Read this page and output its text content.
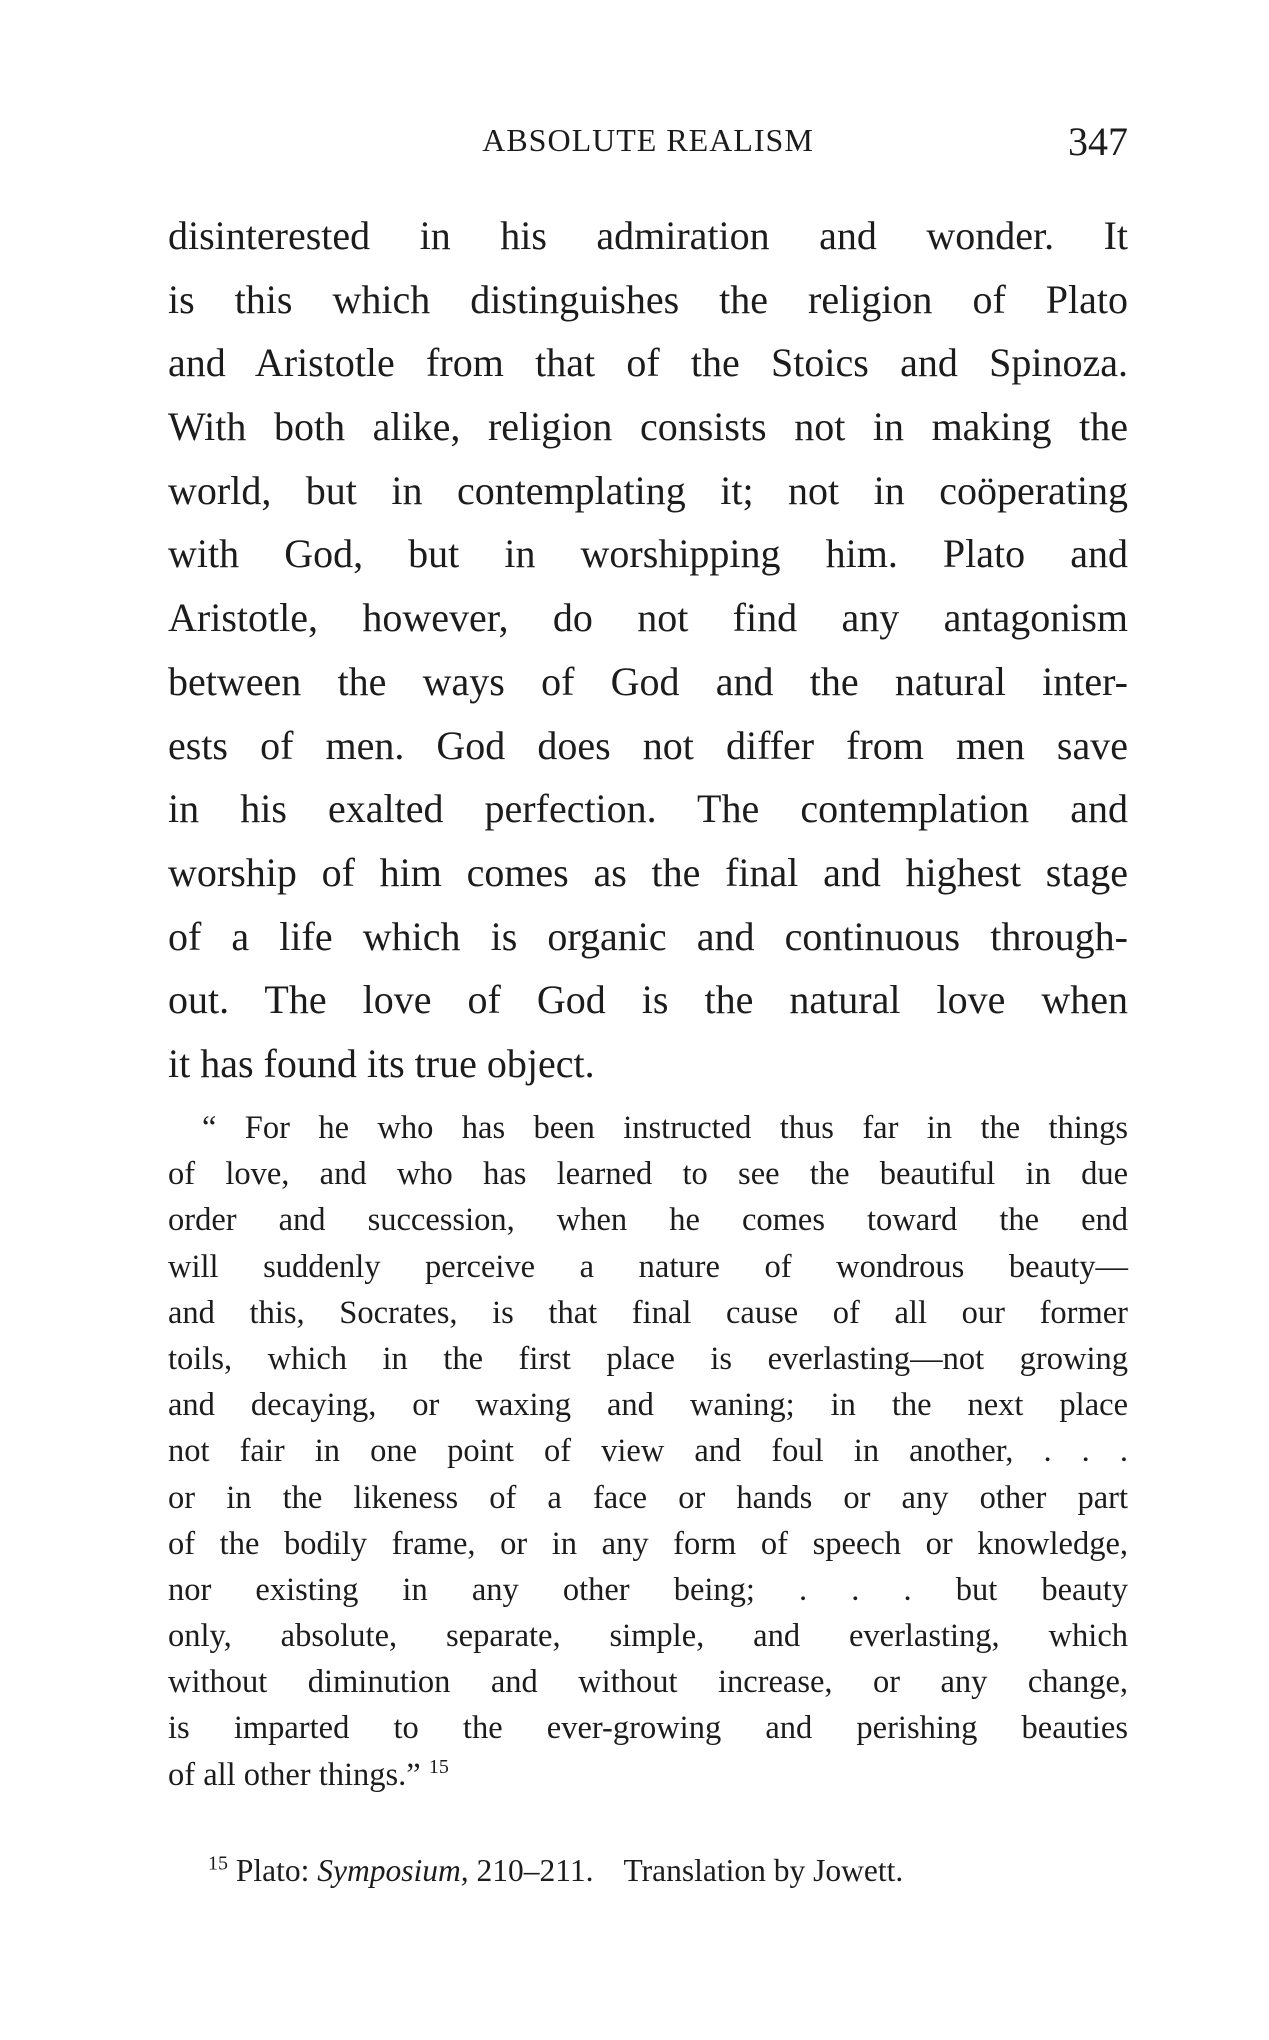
ABSOLUTE REALISM	347
disinterested in his admiration and wonder. It
is this which distinguishes the religion of Plato
and Aristotle from that of the Stoics and Spinoza.
With both alike, religion consists not in making the
world, but in contemplating it; not in coöperating
with God, but in worshipping him. Plato and
Aristotle, however, do not find any antagonism
between the ways of God and the natural inter-
ests of men. God does not differ from men save
in his exalted perfection. The contemplation and
worship of him comes as the final and highest stage
of a life which is organic and continuous through-
out. The love of God is the natural love when
it has found its true object.
“ For he who has been instructed thus far in the things
of love, and who has learned to see the beautiful in due
order and succession, when he comes toward the end
will suddenly perceive a nature of wondrous beauty—
and this, Socrates, is that final cause of all our former
toils, which in the first place is everlasting—not growing
and decaying, or waxing and waning; in the next place
not fair in one point of view and foul in another, . . .
or in the likeness of a face or hands or any other part
of the bodily frame, or in any form of speech or knowledge,
nor existing in any other being; . . . but beauty
only, absolute, separate, simple, and everlasting, which
without diminution and without increase, or any change,
is imparted to the ever-growing and perishing beauties
of all other things.” $^{15}$
$^{15}$ Plato: Symposium, 210–211. Translation by Jowett.
